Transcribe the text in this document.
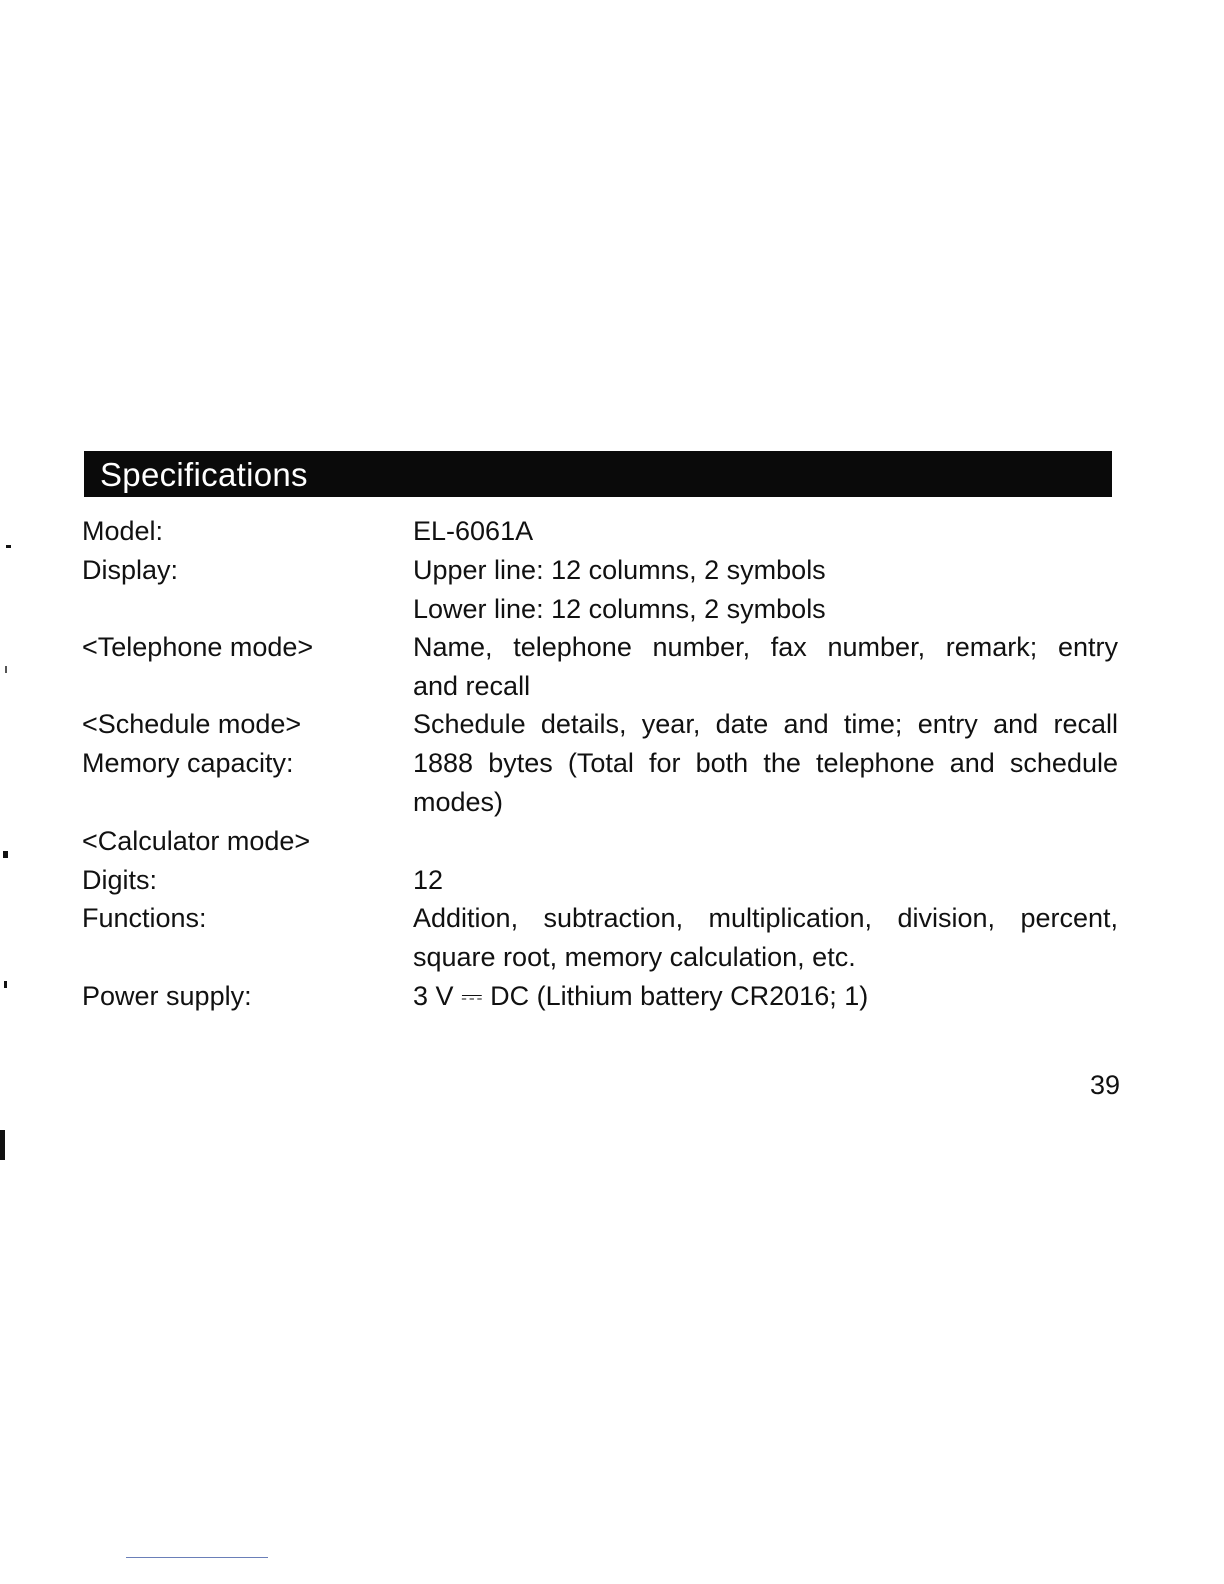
Specifications
Model:	EL-6061A
Display:	Upper line: 12 columns, 2 symbols
Lower line: 12 columns, 2 symbols
<Telephone mode>	Name, telephone number, fax number, remark; entry
and recall
<Schedule mode>	Schedule details, year, date and time; entry and recall
Memory capacity:	1888 bytes (Total for both the telephone and schedule
modes)
<Calculator mode>
Digits:	12
Functions:	Addition, subtraction, multiplication, division, percent,
square root, memory calculation, etc.
Power supply:	3 V ⎓ DC (Lithium battery CR2016; 1)
39
